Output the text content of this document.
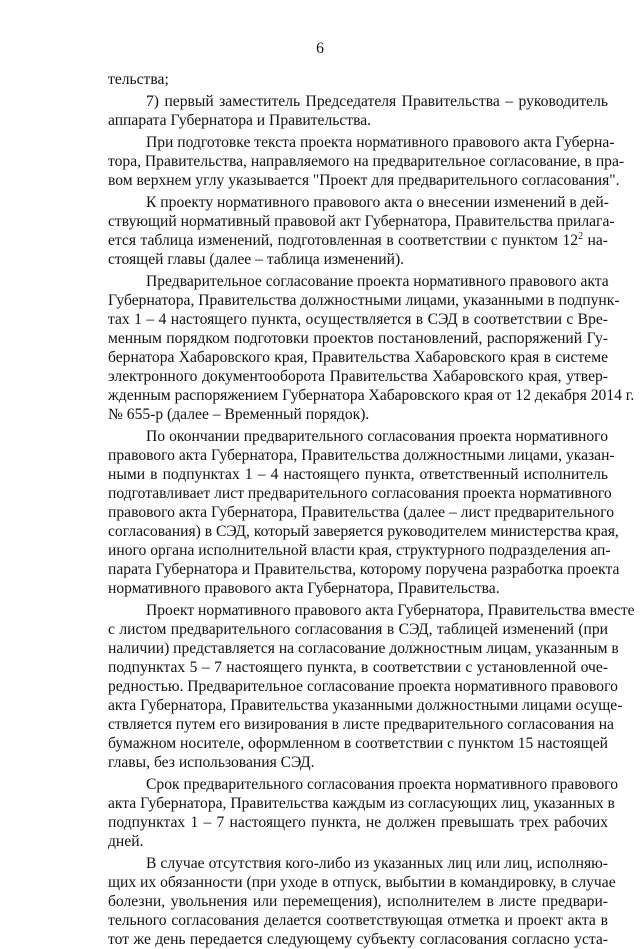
6
тельства;
7) первый заместитель Председателя Правительства – руководитель
аппарата Губернатора и Правительства.
При подготовке текста проекта нормативного правового акта Губерна-
тора, Правительства, направляемого на предварительное согласование, в пра-
вом верхнем углу указывается "Проект для предварительного согласования".
К проекту нормативного правового акта о внесении изменений в дей-
ствующий нормативный правовой акт Губернатора, Правительства прилага-
ется таблица изменений, подготовленная в соответствии с пунктом $12^2$ на-
стоящей главы (далее – таблица изменений).
Предварительное согласование проекта нормативного правового акта
Губернатора, Правительства должностными лицами, указанными в подпунк-
тах 1 – 4 настоящего пункта, осуществляется в СЭД в соответствии с Вре-
менным порядком подготовки проектов постановлений, распоряжений Гу-
бернатора Хабаровского края, Правительства Хабаровского края в системе
электронного документооборота Правительства Хабаровского края, утвер-
жденным распоряжением Губернатора Хабаровского края от 12 декабря 2014 г.
№ 655-р (далее – Временный порядок).
По окончании предварительного согласования проекта нормативного
правового акта Губернатора, Правительства должностными лицами, указан-
ными в подпунктах 1 – 4 настоящего пункта, ответственный исполнитель
подготавливает лист предварительного согласования проекта нормативного
правового акта Губернатора, Правительства (далее – лист предварительного
согласования) в СЭД, который заверяется руководителем министерства края,
иного органа исполнительной власти края, структурного подразделения ап-
парата Губернатора и Правительства, которому поручена разработка проекта
нормативного правового акта Губернатора, Правительства.
Проект нормативного правового акта Губернатора, Правительства вместе
с листом предварительного согласования в СЭД, таблицей изменений (при
наличии) представляется на согласование должностным лицам, указанным в
подпунктах 5 – 7 настоящего пункта, в соответствии с установленной оче-
редностью. Предварительное согласование проекта нормативного правового
акта Губернатора, Правительства указанными должностными лицами осуще-
ствляется путем его визирования в листе предварительного согласования на
бумажном носителе, оформленном в соответствии с пунктом 15 настоящей
главы, без использования СЭД.
Срок предварительного согласования проекта нормативного правового
акта Губернатора, Правительства каждым из согласующих лиц, указанных в
подпунктах 1 – 7 настоящего пункта, не должен превышать трех рабочих
дней.
В случае отсутствия кого-либо из указанных лиц или лиц, исполняю-
щих их обязанности (при уходе в отпуск, выбытии в командировку, в случае
болезни, увольнения или перемещения), исполнителем в листе предвари-
тельного согласования делается соответствующая отметка и проект акта в
тот же день передается следующему субъекту согласования согласно уста-
